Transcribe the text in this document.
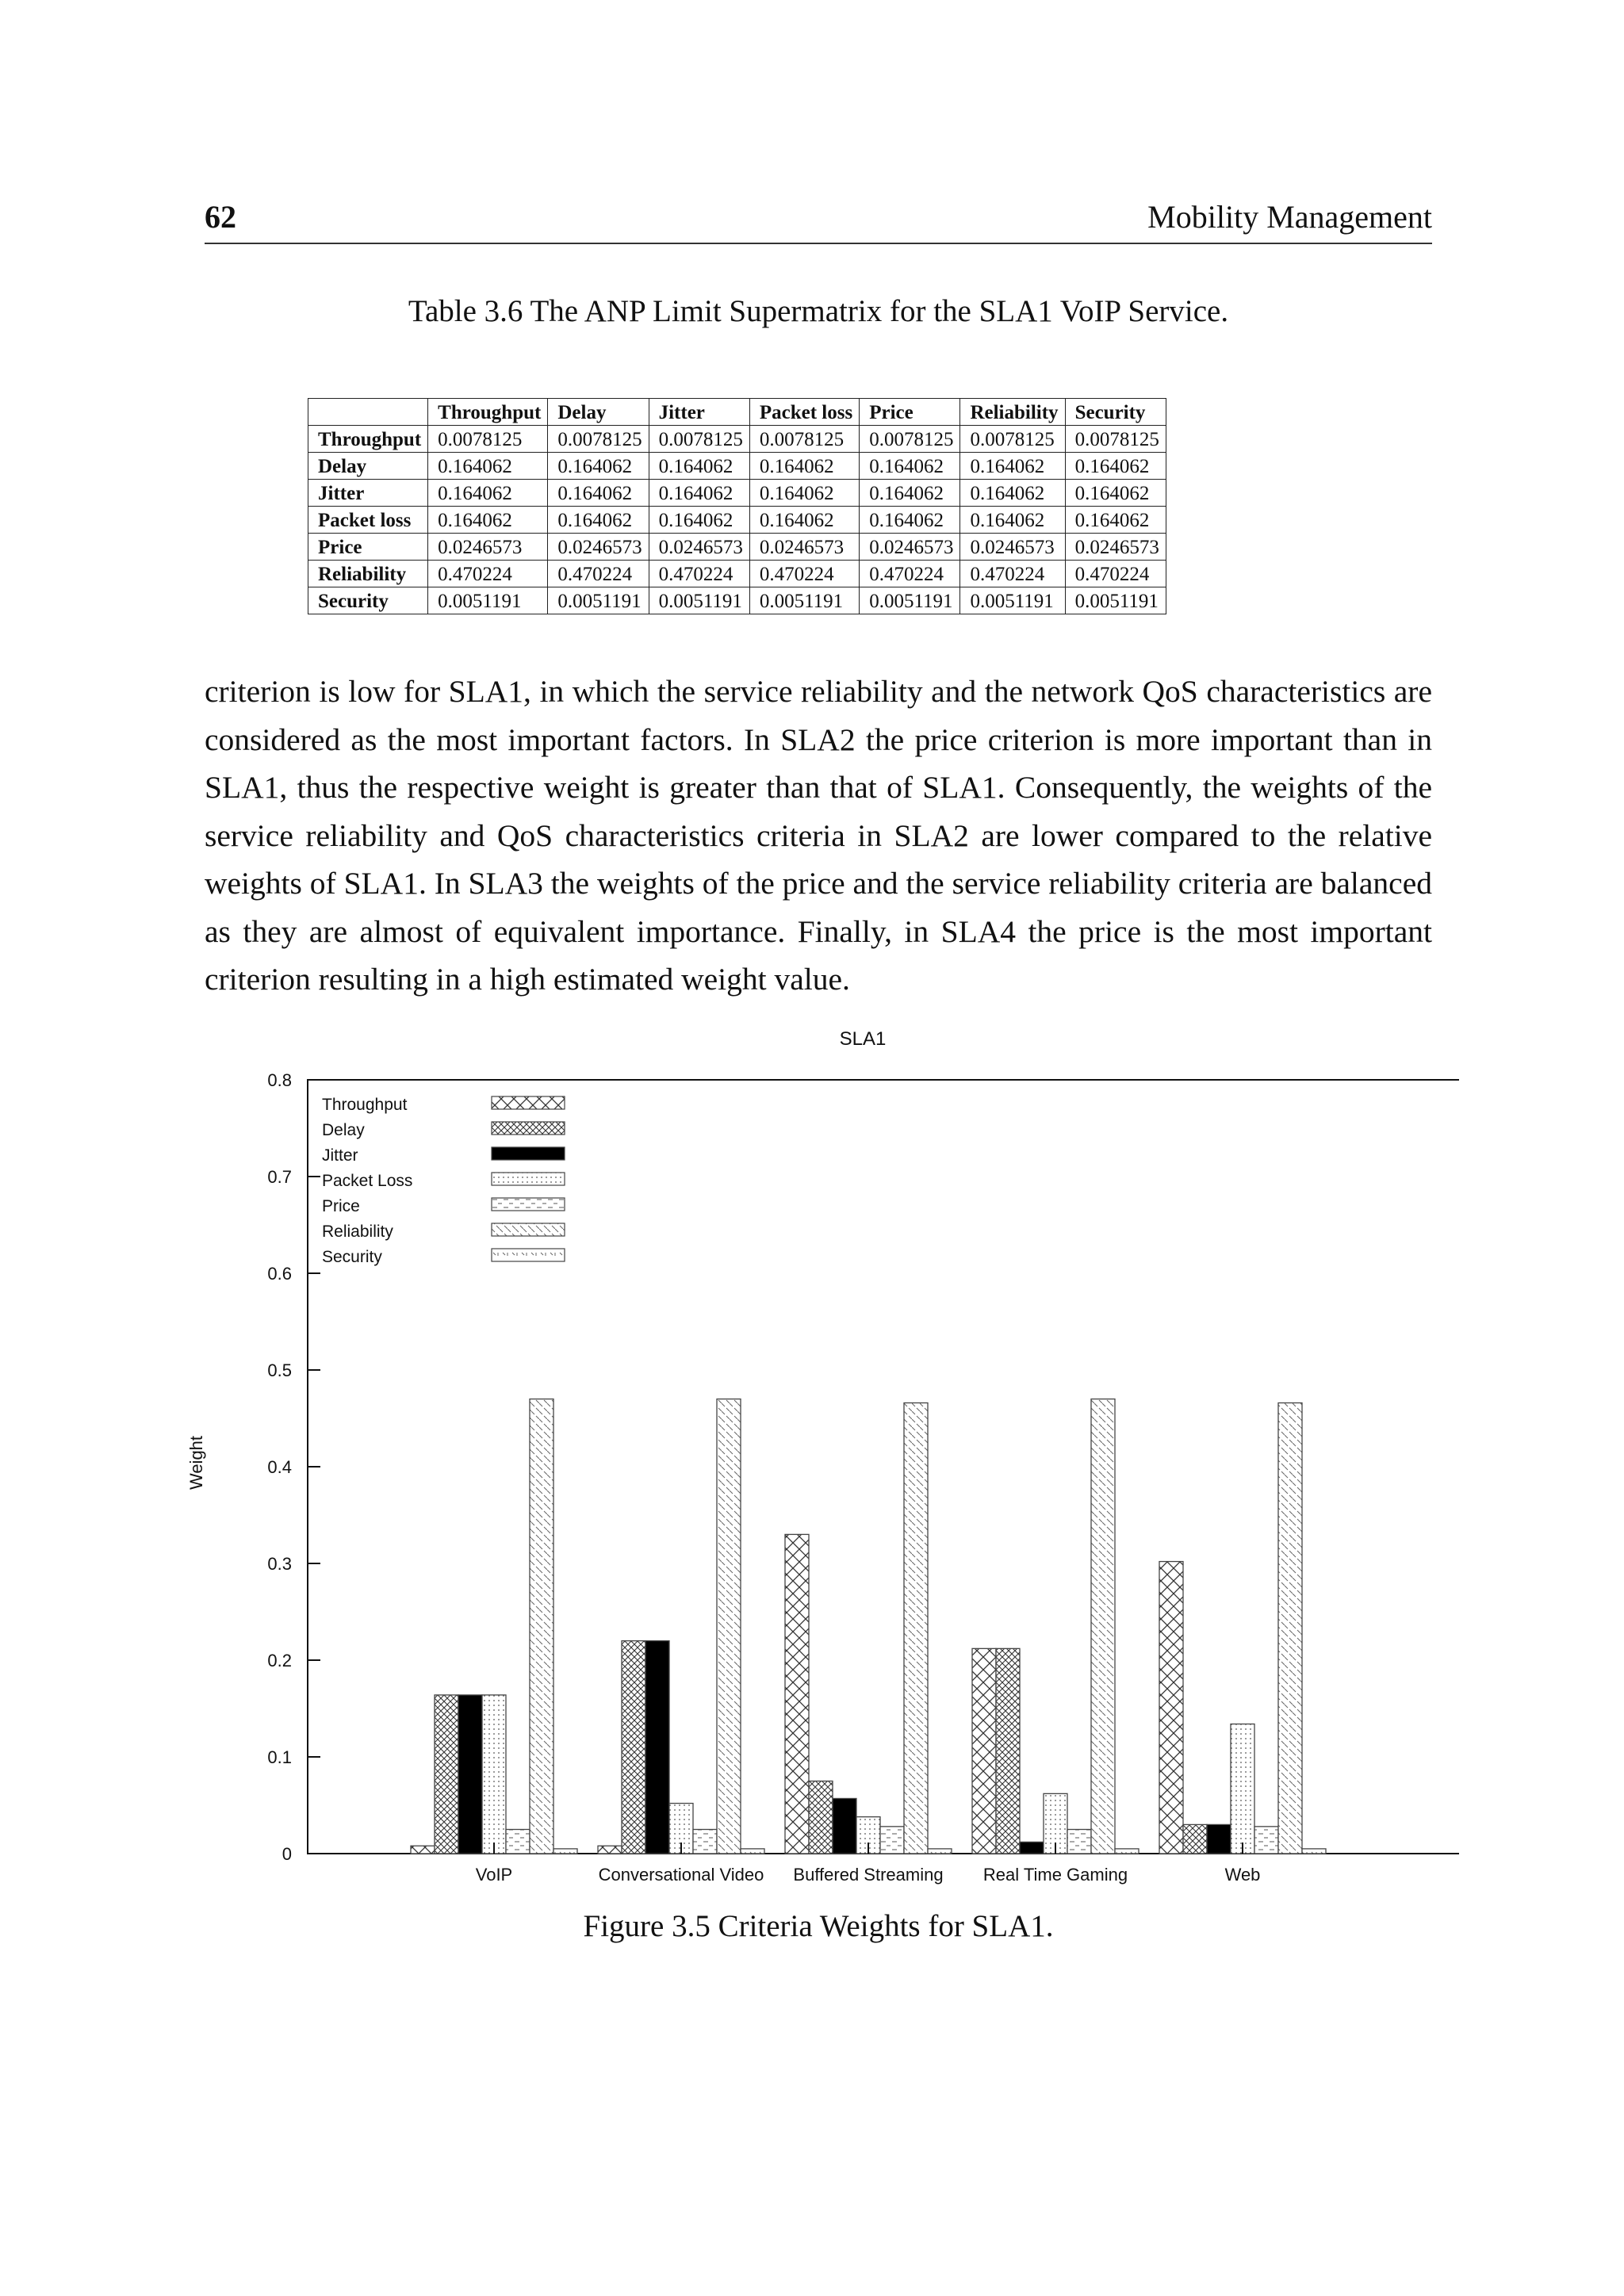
62	Mobility Management
Table 3.6 The ANP Limit Supermatrix for the SLA1 VoIP Service.
	Throughput	Delay	Jitter	Packet loss	Price	Reliability	Security
Throughput	0.0078125	0.0078125	0.0078125	0.0078125	0.0078125	0.0078125	0.0078125
Delay	0.164062	0.164062	0.164062	0.164062	0.164062	0.164062	0.164062
Jitter	0.164062	0.164062	0.164062	0.164062	0.164062	0.164062	0.164062
Packet loss	0.164062	0.164062	0.164062	0.164062	0.164062	0.164062	0.164062
Price	0.0246573	0.0246573	0.0246573	0.0246573	0.0246573	0.0246573	0.0246573
Reliability	0.470224	0.470224	0.470224	0.470224	0.470224	0.470224	0.470224
Security	0.0051191	0.0051191	0.0051191	0.0051191	0.0051191	0.0051191	0.0051191
criterion is low for SLA1, in which the service reliability and the network QoS characteristics are considered as the most important factors. In SLA2 the price criterion is more important than in SLA1, thus the respective weight is greater than that of SLA1. Consequently, the weights of the service reliability and QoS characteristics criteria in SLA2 are lower compared to the relative weights of SLA1. In SLA3 the weights of the price and the service reliability criteria are balanced as they are almost of equivalent importance. Finally, in SLA4 the price is the most important criterion resulting in a high estimated weight value.
SLA1
Weight
0
0.1
0.2
0.3
0.4
0.5
0.6
0.7
0.8
VoIP	Conversational Video Buffered Streaming Real Time Gaming	Web
Throughput
Delay
Jitter
Packet Loss
Price
Reliability
Security
Figure 3.5 Criteria Weights for SLA1.
